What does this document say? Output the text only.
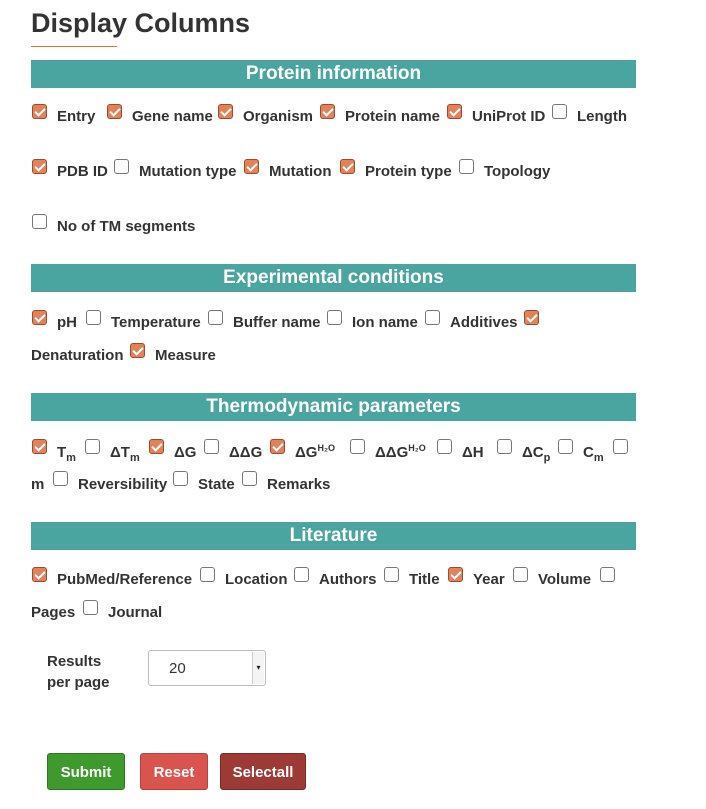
Display Columns
Protein information
Entry Gene name Organism Protein name UniProt ID Length
PDB ID Mutation type Mutation Protein type Topology
No of TM segments
Experimental conditions
pH Temperature Buffer name Ion name Additives
Denaturation Measure
Thermodynamic parameters
$T_m$ $\Delta T_m$ ΔG ΔΔG $\Delta G^{H_2O}$	$\Delta\Delta G^{H_2O}$ ΔH	$\Delta C_p$ $C_m$
m Reversibility State Remarks
Literature
PubMed/Reference Location Authors Title Year Volume
Pages Journal
Results
per page
20	▾
Submit	Reset	Selectall
